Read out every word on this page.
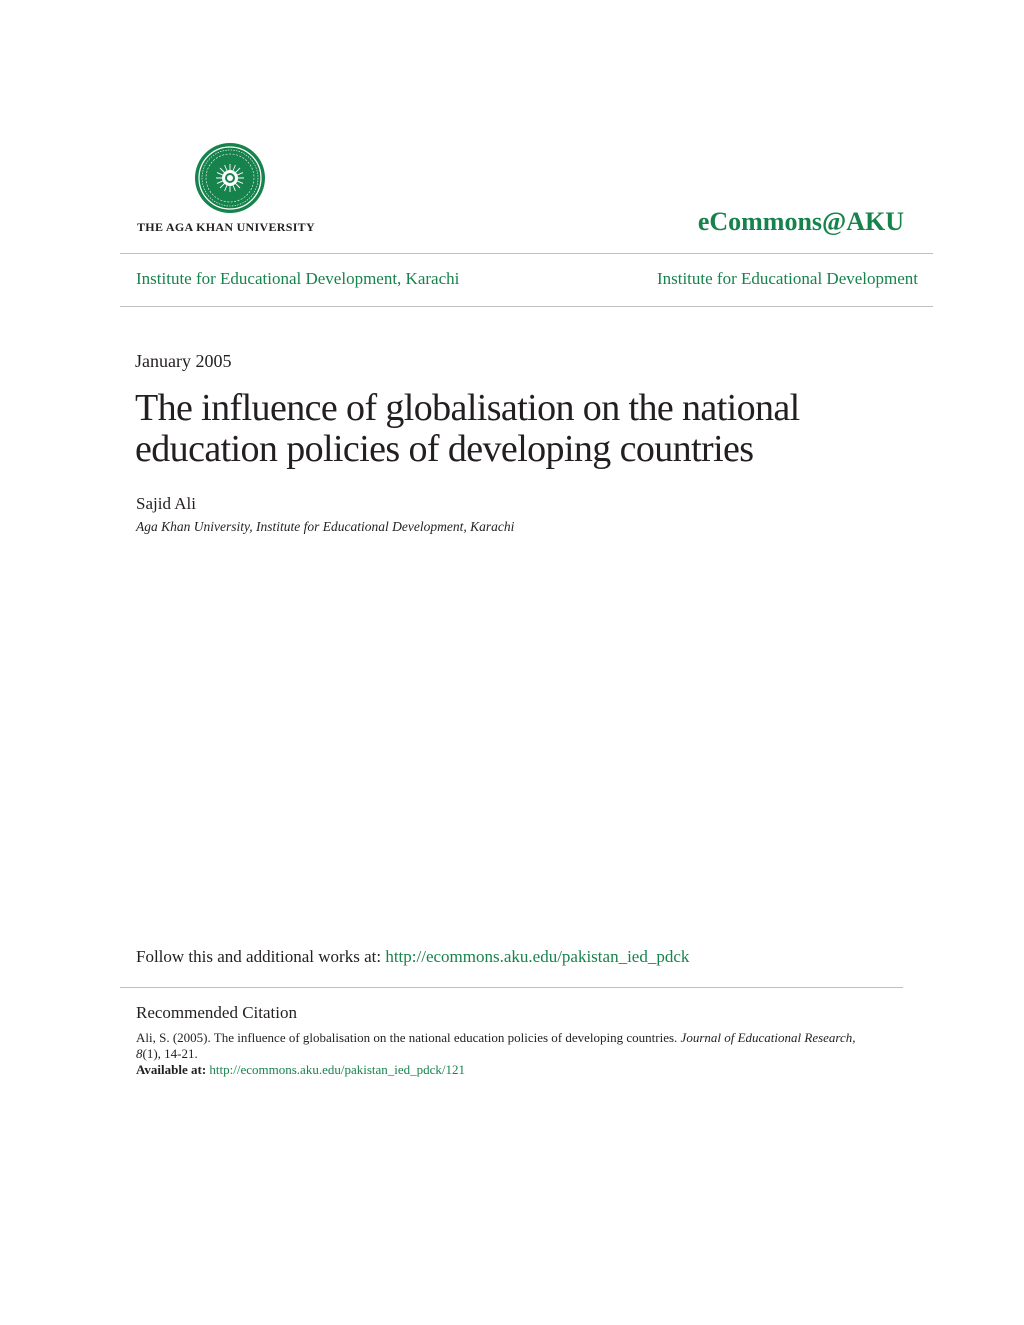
THE AGA KHAN UNIVERSITY	eCommons@AKU
Institute for Educational Development, Karachi	Institute for Educational Development
January 2005
The influence of globalisation on the national education policies of developing countries
Sajid Ali
Aga Khan University, Institute for Educational Development, Karachi
Follow this and additional works at: http://ecommons.aku.edu/pakistan_ied_pdck
Recommended Citation
Ali, S. (2005). The influence of globalisation on the national education policies of developing countries. Journal of Educational Research, 8(1), 14-21.
Available at: http://ecommons.aku.edu/pakistan_ied_pdck/121
